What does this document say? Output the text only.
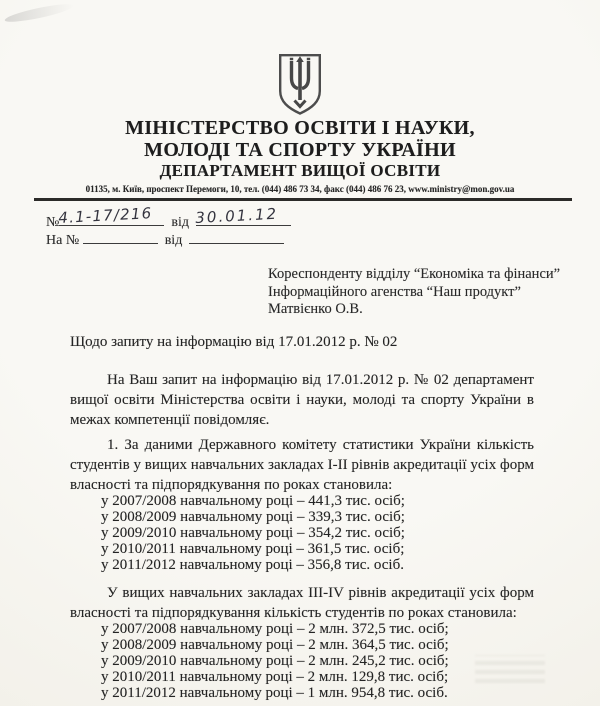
МІНІСТЕРСТВО ОСВІТИ І НАУКИ,
МОЛОДІ ТА СПОРТУ УКРАЇНИ
ДЕПАРТАМЕНТ ВИЩОЇ ОСВІТИ
01135, м. Київ, проспект Перемоги, 10, тел. (044) 486 73 34, факс (044) 486 76 23, www.ministry@mon.gov.ua
№4.1-17/216 від 30.01.12
На №	від
Кореспонденту відділу “Економіка та фінанси”
Інформаційного агенства “Наш продукт”
Матвієнко О.В.
Щодо запиту на інформацію від 17.01.2012 р. № 02

На Ваш запит на інформацію від 17.01.2012 р. № 02 департамент вищої освіти Міністерства освіти і науки, молоді та спорту України в межах компетенції повідомляє.

1. За даними Державного комітету статистики України кількість студентів у вищих навчальних закладах I-II рівнів акредитації усіх форм власності та підпорядкування по роках становила:

у 2007/2008 навчальному році – 441,3 тис. осіб;
у 2008/2009 навчальному році – 339,3 тис. осіб;
у 2009/2010 навчальному році – 354,2 тис. осіб;
у 2010/2011 навчальному році – 361,5 тис. осіб;
у 2011/2012 навчальному році – 356,8 тис. осіб.

У вищих навчальних закладах III-IV рівнів акредитації усіх форм власності та підпорядкування кількість студентів по роках становила:

у 2007/2008 навчальному році – 2 млн. 372,5 тис. осіб;
у 2008/2009 навчальному році – 2 млн. 364,5 тис. осіб;
у 2009/2010 навчальному році – 2 млн. 245,2 тис. осіб;
у 2010/2011 навчальному році – 2 млн. 129,8 тис. осіб;
у 2011/2012 навчальному році – 1 млн. 954,8 тис. осіб.
